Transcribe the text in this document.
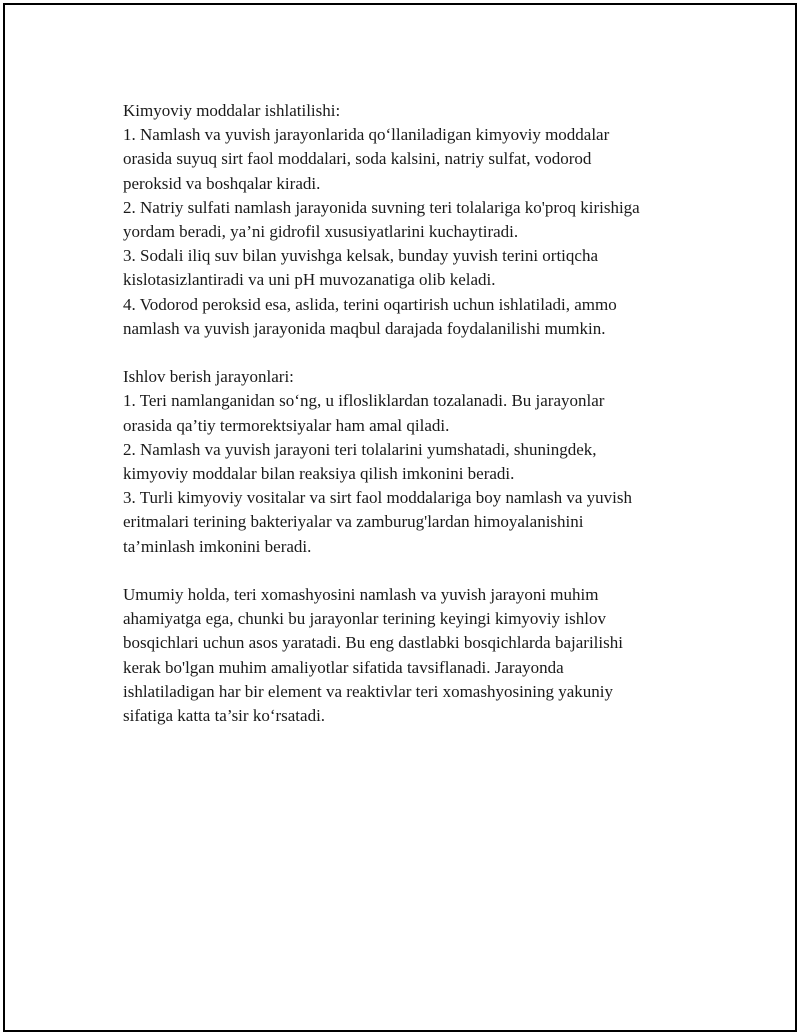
Kimyoviy moddalar ishlatilishi:
1. Namlash va yuvish jarayonlarida qo‘llaniladigan kimyoviy moddalar
orasida suyuq sirt faol moddalari, soda kalsini, natriy sulfat, vodorod
peroksid va boshqalar kiradi.
2. Natriy sulfati namlash jarayonida suvning teri tolalariga ko'proq kirishiga
yordam beradi, ya’ni gidrofil xususiyatlarini kuchaytiradi.
3. Sodali iliq suv bilan yuvishga kelsak, bunday yuvish terini ortiqcha
kislotasizlantiradi va uni pH muvozanatiga olib keladi.
4. Vodorod peroksid esa, aslida, terini oqartirish uchun ishlatiladi, ammo
namlash va yuvish jarayonida maqbul darajada foydalanilishi mumkin.
Ishlov berish jarayonlari:
1. Teri namlanganidan so‘ng, u iflosliklardan tozalanadi. Bu jarayonlar
orasida qa’tiy termorektsiyalar ham amal qiladi.
2. Namlash va yuvish jarayoni teri tolalarini yumshatadi, shuningdek,
kimyoviy moddalar bilan reaksiya qilish imkonini beradi.
3. Turli kimyoviy vositalar va sirt faol moddalariga boy namlash va yuvish
eritmalari terining bakteriyalar va zamburug'lardan himoyalanishini
ta’minlash imkonini beradi.
Umumiy holda, teri xomashyosini namlash va yuvish jarayoni muhim
ahamiyatga ega, chunki bu jarayonlar terining keyingi kimyoviy ishlov
bosqichlari uchun asos yaratadi. Bu eng dastlabki bosqichlarda bajarilishi
kerak bo'lgan muhim amaliyotlar sifatida tavsiflanadi. Jarayonda
ishlatiladigan har bir element va reaktivlar teri xomashyosining yakuniy
sifatiga katta ta’sir ko‘rsatadi.
